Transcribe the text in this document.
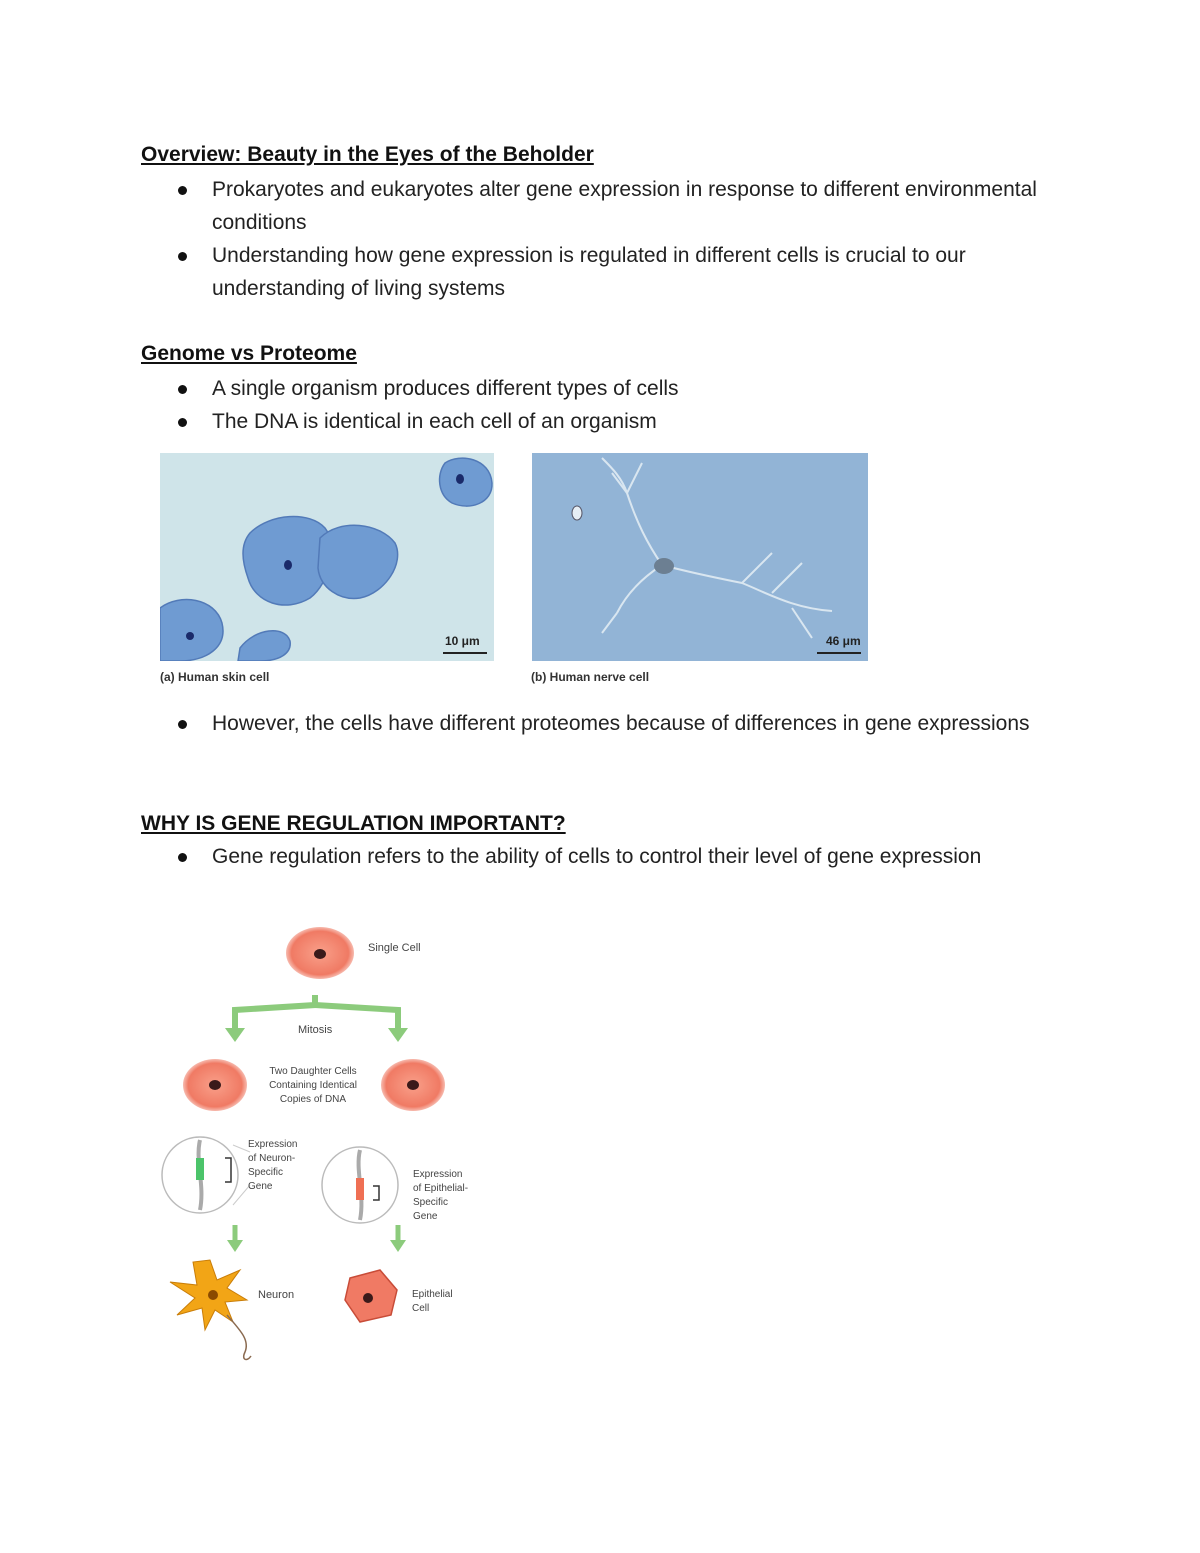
Overview: Beauty in the Eyes of the Beholder
Prokaryotes and eukaryotes alter gene expression in response to different environmental conditions
Understanding how gene expression is regulated in different cells is crucial to our understanding of living systems
Genome vs Proteome
A single organism produces different types of cells
The DNA is identical in each cell of an organism
10 μm
(a) Human skin cell
46 μm
(b) Human nerve cell
However, the cells have different proteomes because of differences in gene expressions
WHY IS GENE REGULATION IMPORTANT?
Gene regulation refers to the ability of cells to control their level of gene expression
Single Cell
Mitosis
Two Daughter Cells
Containing Identical
Copies of DNA
Expression
of Neuron-
Specific
Gene
Expression
of Epithelial-
Specific
Gene
Neuron	Epithelial
Cell
